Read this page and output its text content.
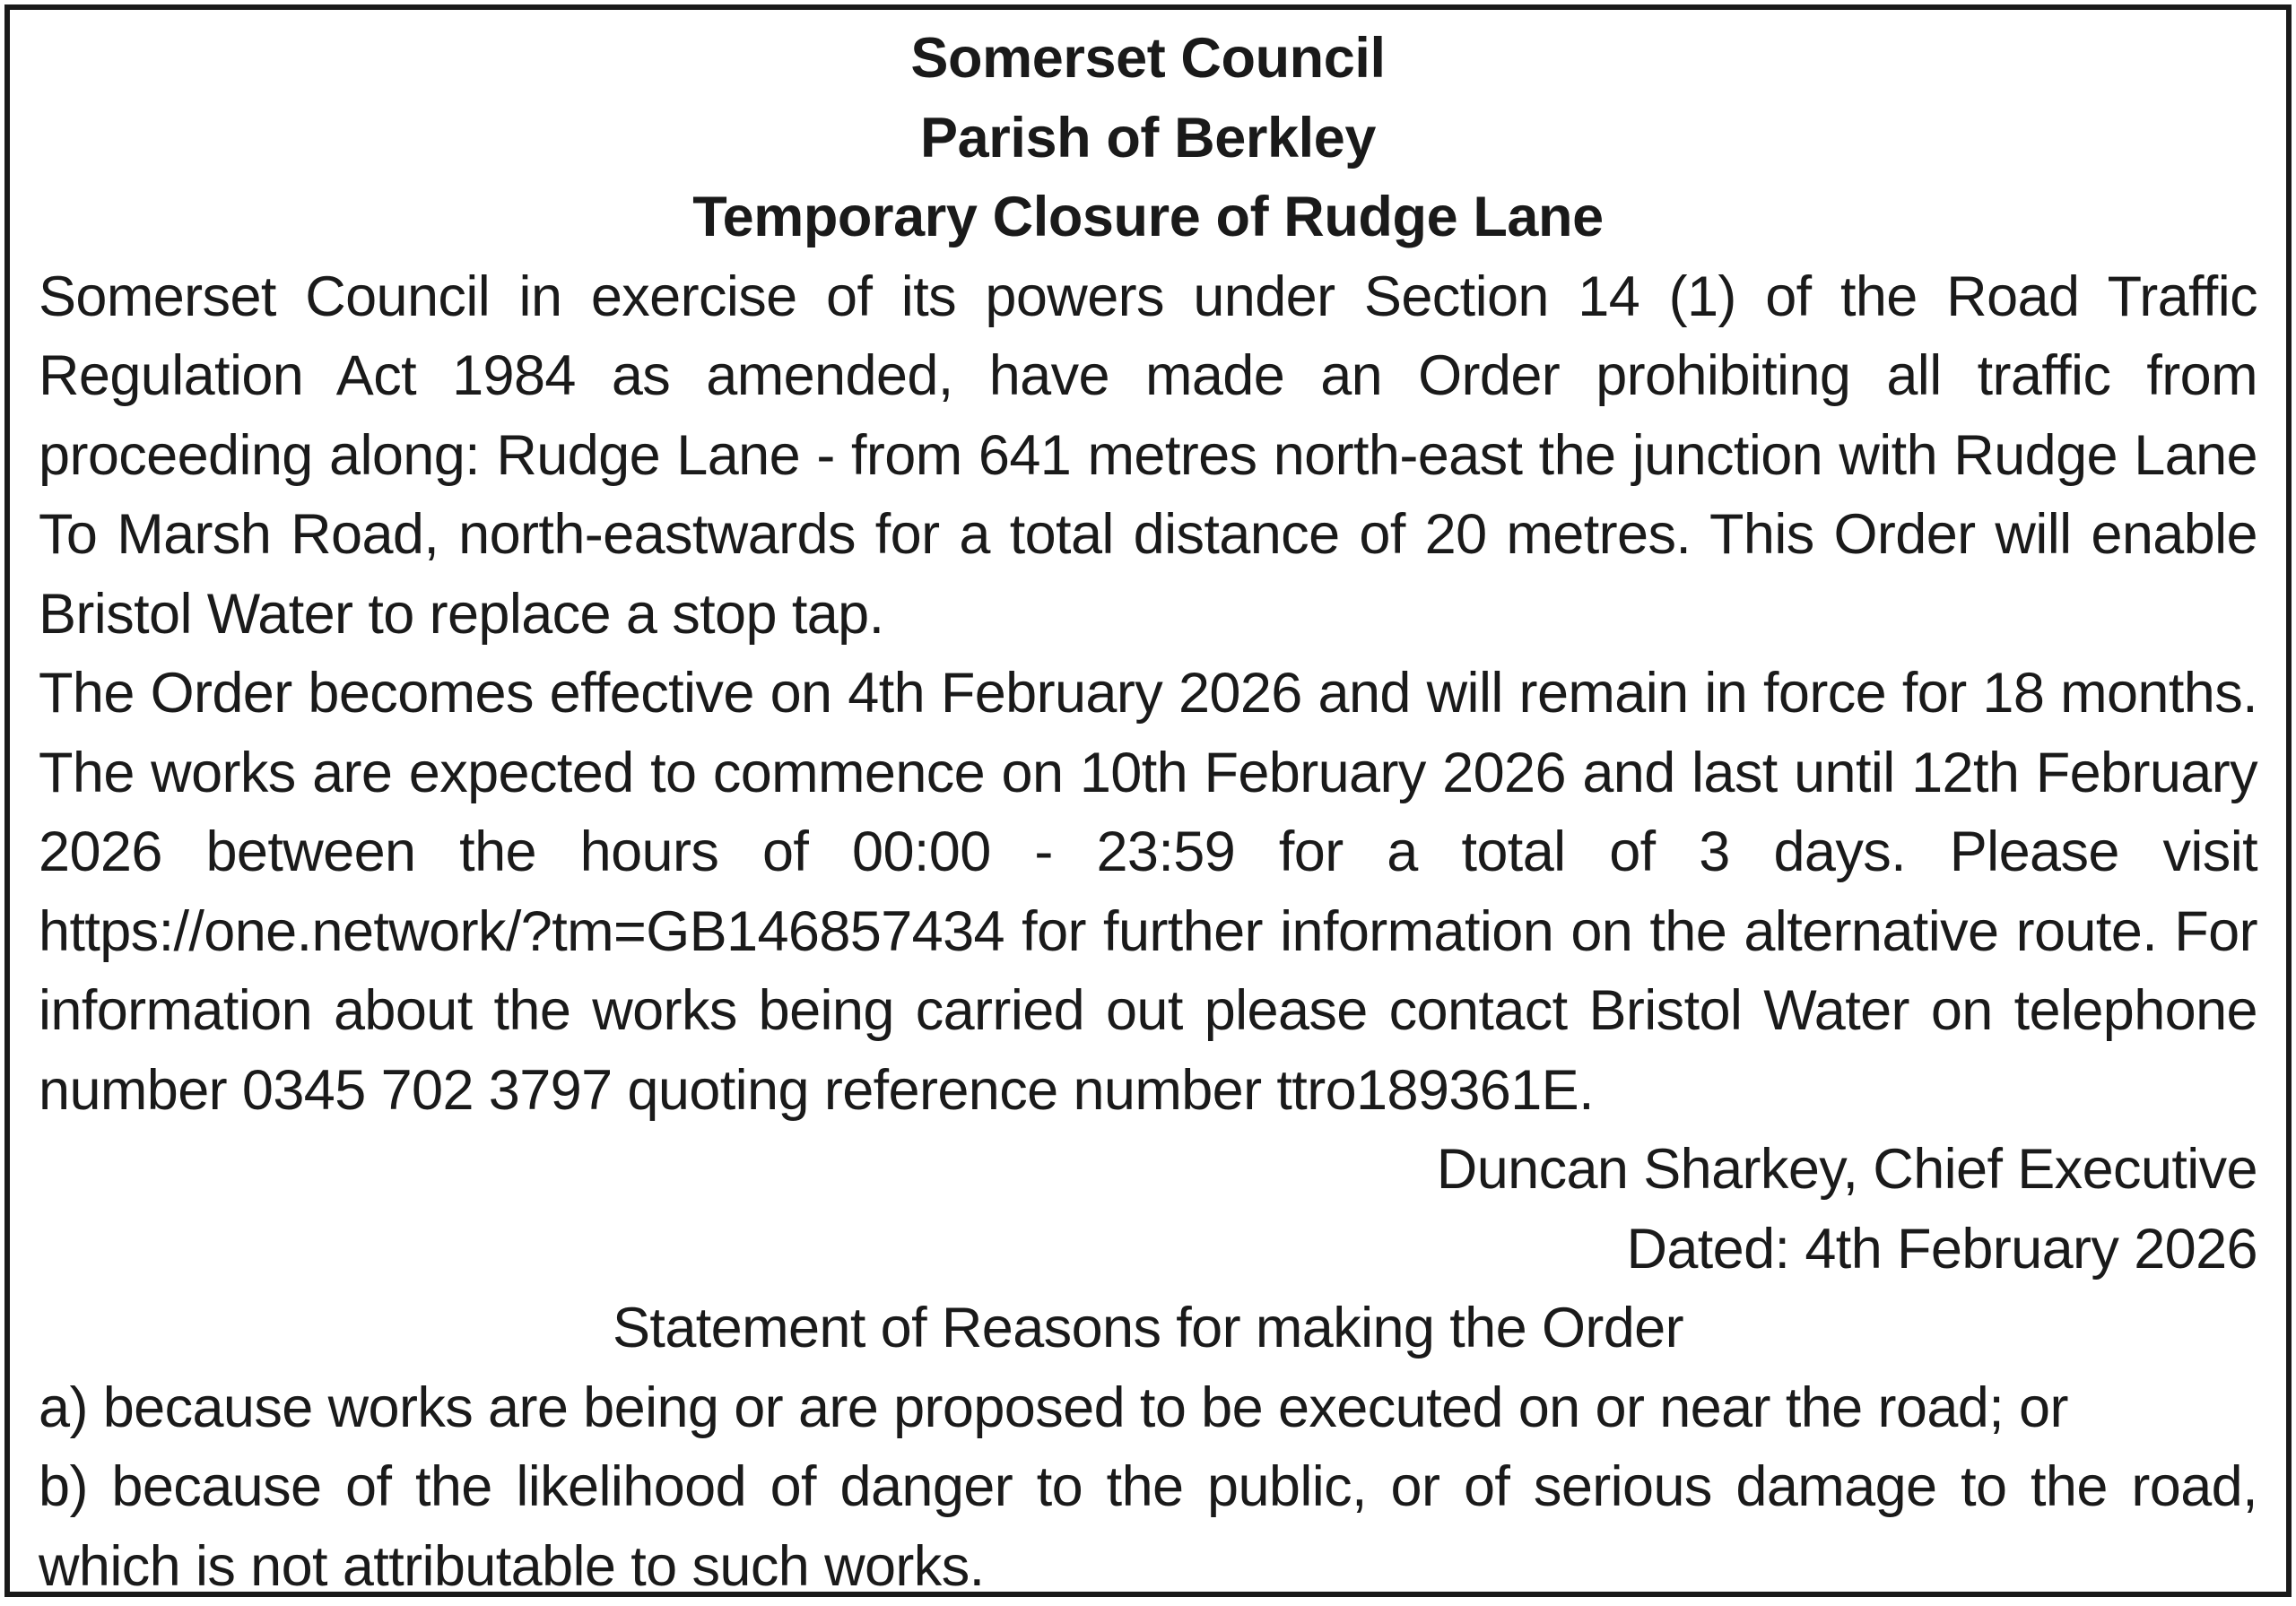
Somerset Council
Parish of Berkley
Temporary Closure of Rudge Lane

Somerset Council in exercise of its powers under Section 14 (1) of the Road Traffic Regulation Act 1984 as amended, have made an Order prohibiting all traffic from proceeding along: Rudge Lane - from 641 metres north-east the junction with Rudge Lane To Marsh Road, north-eastwards for a total distance of 20 metres. This Order will enable Bristol Water to replace a stop tap.

The Order becomes effective on 4th February 2026 and will remain in force for 18 months. The works are expected to commence on 10th February 2026 and last until 12th February 2026 between the hours of 00:00 - 23:59 for a total of 3 days. Please visit https://one.network/?tm=GB146857434 for further information on the alternative route. For information about the works being carried out please contact Bristol Water on telephone number 0345 702 3797 quoting reference number ttro189361E.

Duncan Sharkey, Chief Executive
Dated: 4th February 2026
Statement of Reasons for making the Order

a) because works are being or are proposed to be executed on or near the road; or

b) because of the likelihood of danger to the public, or of serious damage to the road, which is not attributable to such works.
